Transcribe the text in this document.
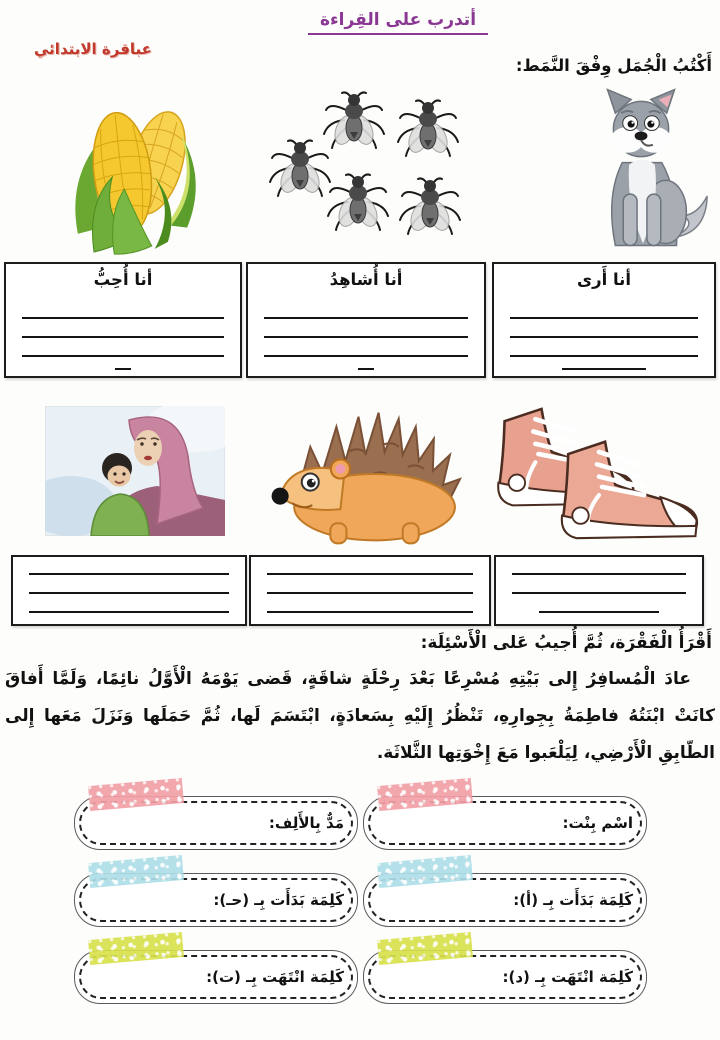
عباقرة الابتدائي
أتدرب على القِراءة
أَكْتُبُ الْجُمَل وِفْقَ النَّمَط:
أنا أَرى
أنا أُشاهِدُ
أنا أُحِبُّ
أَقْرَأُ الْفَقْرَة، ثُمَّ أُجيبُ عَلى الْأَسْئِلَة:
عادَ الْمُسافِرُ إِلى بَيْتِهِ مُسْرِعًا بَعْدَ رِحْلَةٍ شاقَةٍ، قَضى يَوْمَهُ الْأَوَّلُ نائِمًا، وَلَمَّا أَفاقَ كانَتْ ابْنَتُهُ فاطِمَةُ بِجِوارِهِ، تَنْظُرُ إِلَيْهِ بِسَعادَةٍ، ابْتَسَمَ لَها، ثُمَّ حَمَلَها وَنَزَلَ مَعَها إِلى الطّابِقِ الْأَرْضِي، لِيَلْعَبوا مَعَ إِخْوَتِها الثَّلاثَة.
اسْم بِنْت:
مَدٌّ بِالأَلِف:
كَلِمَة بَدَأَت بِـ (أ):
كَلِمَة بَدَأَت بِـ (حـ):
كَلِمَة انْتَهَت بِـ (د):
كَلِمَة انْتَهَت بِـ (ت):
